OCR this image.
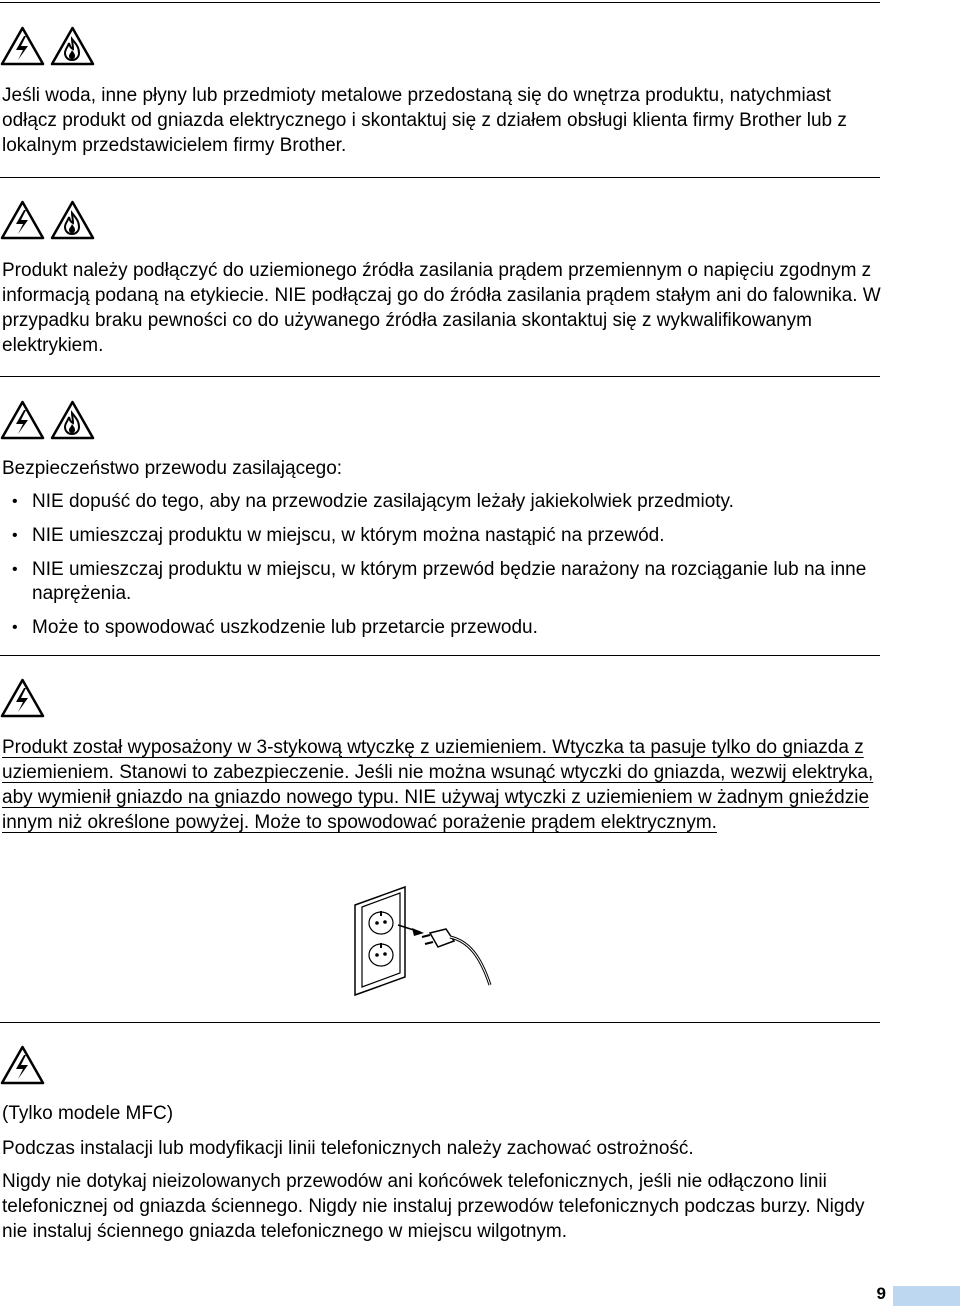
Jeśli woda, inne płyny lub przedmioty metalowe przedostaną się do wnętrza produktu, natychmiast odłącz produkt od gniazda elektrycznego i skontaktuj się z działem obsługi klienta firmy Brother lub z lokalnym przedstawicielem firmy Brother.

Produkt należy podłączyć do uziemionego źródła zasilania prądem przemiennym o napięciu zgodnym z informacją podaną na etykiecie. NIE podłączaj go do źródła zasilania prądem stałym ani do falownika. W przypadku braku pewności co do używanego źródła zasilania skontaktuj się z wykwalifikowanym elektrykiem.

Bezpieczeństwo przewodu zasilającego:

• NIE dopuść do tego, aby na przewodzie zasilającym leżały jakiekolwiek przedmioty.
• NIE umieszczaj produktu w miejscu, w którym można nastąpić na przewód.
• NIE umieszczaj produktu w miejscu, w którym przewód będzie narażony na rozciąganie lub na inne naprężenia.
• Może to spowodować uszkodzenie lub przetarcie przewodu.

Produkt został wyposażony w 3-stykową wtyczkę z uziemieniem. Wtyczka ta pasuje tylko do gniazda z uziemieniem. Stanowi to zabezpieczenie. Jeśli nie można wsunąć wtyczki do gniazda, wezwij elektryka, aby wymienił gniazdo na gniazdo nowego typu. NIE używaj wtyczki z uziemieniem w żadnym gnieździe innym niż określone powyżej. Może to spowodować porażenie prądem elektrycznym.

(Tylko modele MFC)

Podczas instalacji lub modyfikacji linii telefonicznych należy zachować ostrożność.

Nigdy nie dotykaj nieizolowanych przewodów ani końcówek telefonicznych, jeśli nie odłączono linii telefonicznej od gniazda ściennego. Nigdy nie instaluj przewodów telefonicznych podczas burzy. Nigdy nie instaluj ściennego gniazda telefonicznego w miejscu wilgotnym.

9
